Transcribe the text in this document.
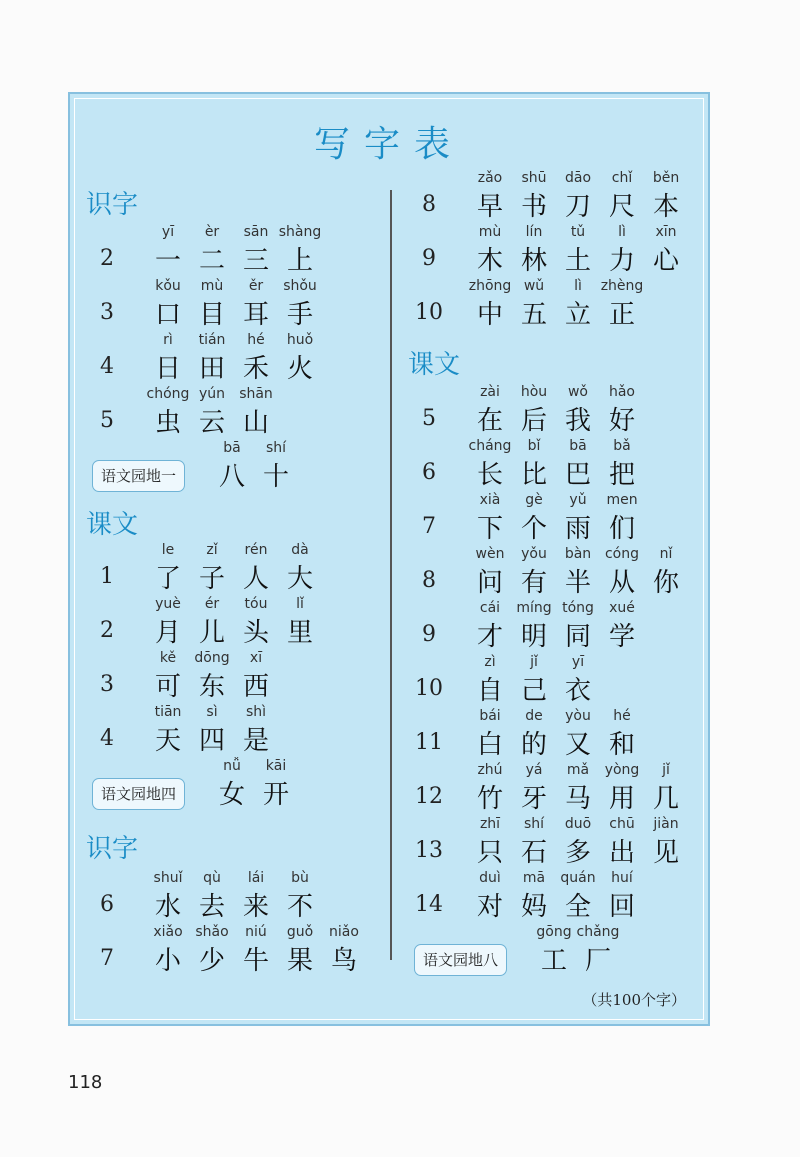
写字表
识字
2
yī
一
èr
二
sān
三
shàng
上
3
kǒu
口
mù
目
ěr
耳
shǒu
手
4
rì
日
tián
田
hé
禾
huǒ
火
5
chóng
虫
yún
云
shān
山
语文园地一
bā
八
shí
十
课文
1
le
了
zǐ
子
rén
人
dà
大
2
yuè
月
ér
儿
tóu
头
lǐ
里
3
kě
可
dōng
东
xī
西
4
tiān
天
sì
四
shì
是
语文园地四
nǚ
女
kāi
开
识字
6
shuǐ
水
qù
去
lái
来
bù
不
7
xiǎo
小
shǎo
少
niú
牛
guǒ
果
niǎo
鸟
8
zǎo
早
shū
书
dāo
刀
chǐ
尺
běn
本
9
mù
木
lín
林
tǔ
土
lì
力
xīn
心
10
zhōng
中
wǔ
五
lì
立
zhèng
正
课文
5
zài
在
hòu
后
wǒ
我
hǎo
好
6
cháng
长
bǐ
比
bā
巴
bǎ
把
7
xià
下
gè
个
yǔ
雨
men
们
8
wèn
问
yǒu
有
bàn
半
cóng
从
nǐ
你
9
cái
才
míng
明
tóng
同
xué
学
10
zì
自
jǐ
己
yī
衣
11
bái
白
de
的
yòu
又
hé
和
12
zhú
竹
yá
牙
mǎ
马
yòng
用
jǐ
几
13
zhī
只
shí
石
duō
多
chū
出
jiàn
见
14
duì
对
mā
妈
quán
全
huí
回
语文园地八
gōng
工
chǎng
厂
（共100个字）
118
